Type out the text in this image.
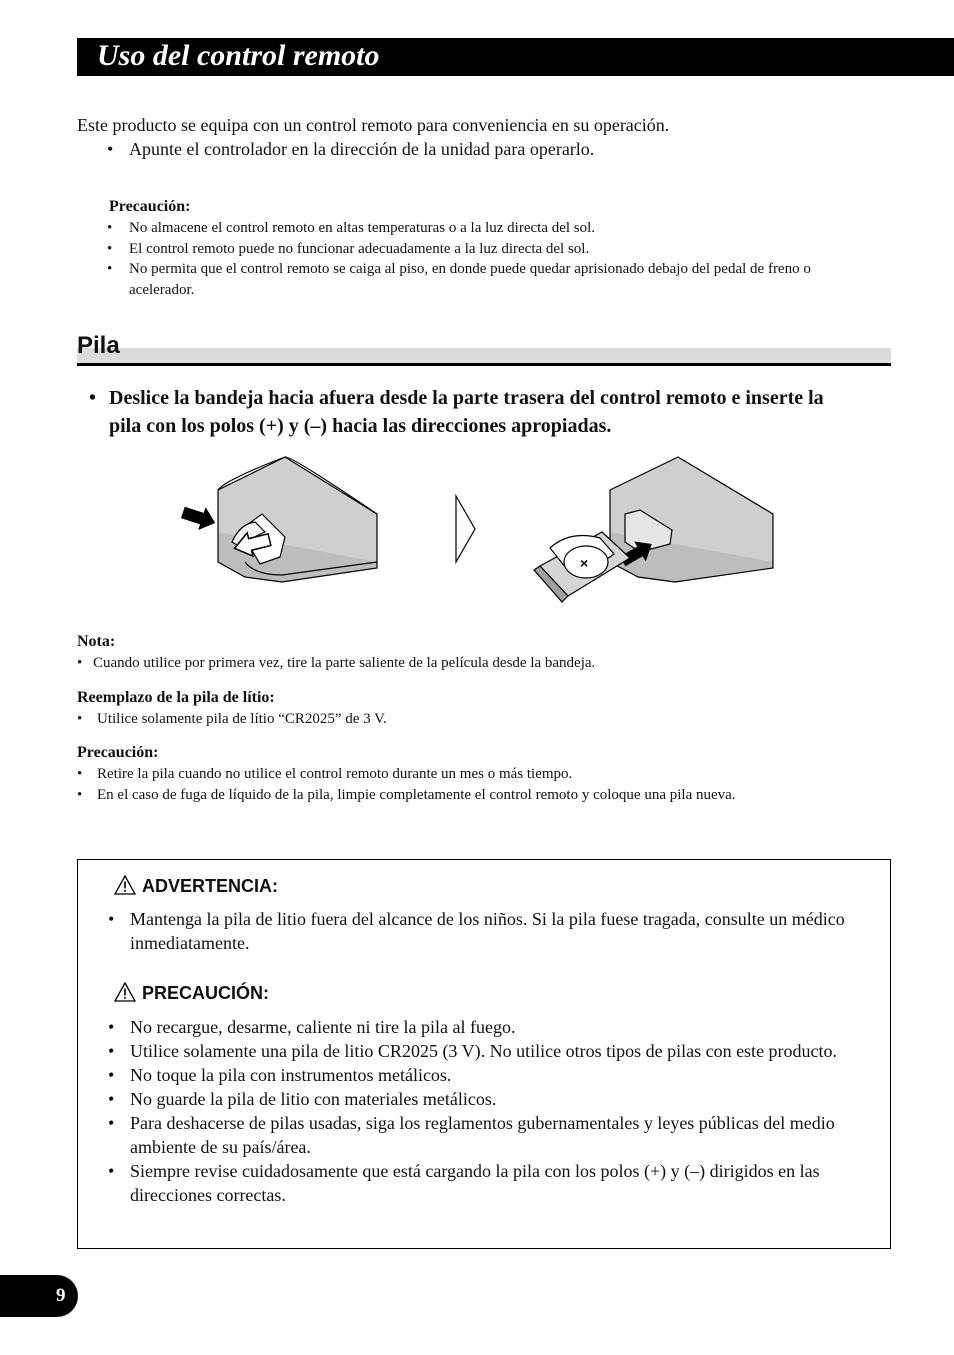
Uso del control remoto

Este producto se equipa con un control remoto para conveniencia en su operación.

• Apunte el controlador en la dirección de la unidad para operarlo.

Precaución:

• No almacene el control remoto en altas temperaturas o a la luz directa del sol.
• El control remoto puede no funcionar adecuadamente a la luz directa del sol.
• No permita que el control remoto se caiga al piso, en donde puede quedar aprisionado debajo del pedal de freno o acelerador.
Pila
• Deslice la bandeja hacia afuera desde la parte trasera del control remoto e inserte la pila con los polos (+) y (–) hacia las direcciones apropiadas.
×

Nota:

• Cuando utilice por primera vez, tire la parte saliente de la película desde la bandeja.

Reemplazo de la pila de lítio:

• Utilice solamente pila de lítio “CR2025” de 3 V.

Precaución:

• Retire la pila cuando no utilice el control remoto durante un mes o más tiempo.
• En el caso de fuga de líquido de la pila, limpie completamente el control remoto y coloque una pila nueva.
ADVERTENCIA:
• Mantenga la pila de litio fuera del alcance de los niños. Si la pila fuese tragada, consulte un médico inmediatamente.
PRECAUCIÓN:
• No recargue, desarme, caliente ni tire la pila al fuego.
• Utilice solamente una pila de litio CR2025 (3 V). No utilice otros tipos de pilas con este producto.
• No toque la pila con instrumentos metálicos.
• No guarde la pila de litio con materiales metálicos.
• Para deshacerse de pilas usadas, siga los reglamentos gubernamentales y leyes públicas del medio ambiente de su país/área.
• Siempre revise cuidadosamente que está cargando la pila con los polos (+) y (–) dirigidos en las direcciones correctas.
9
